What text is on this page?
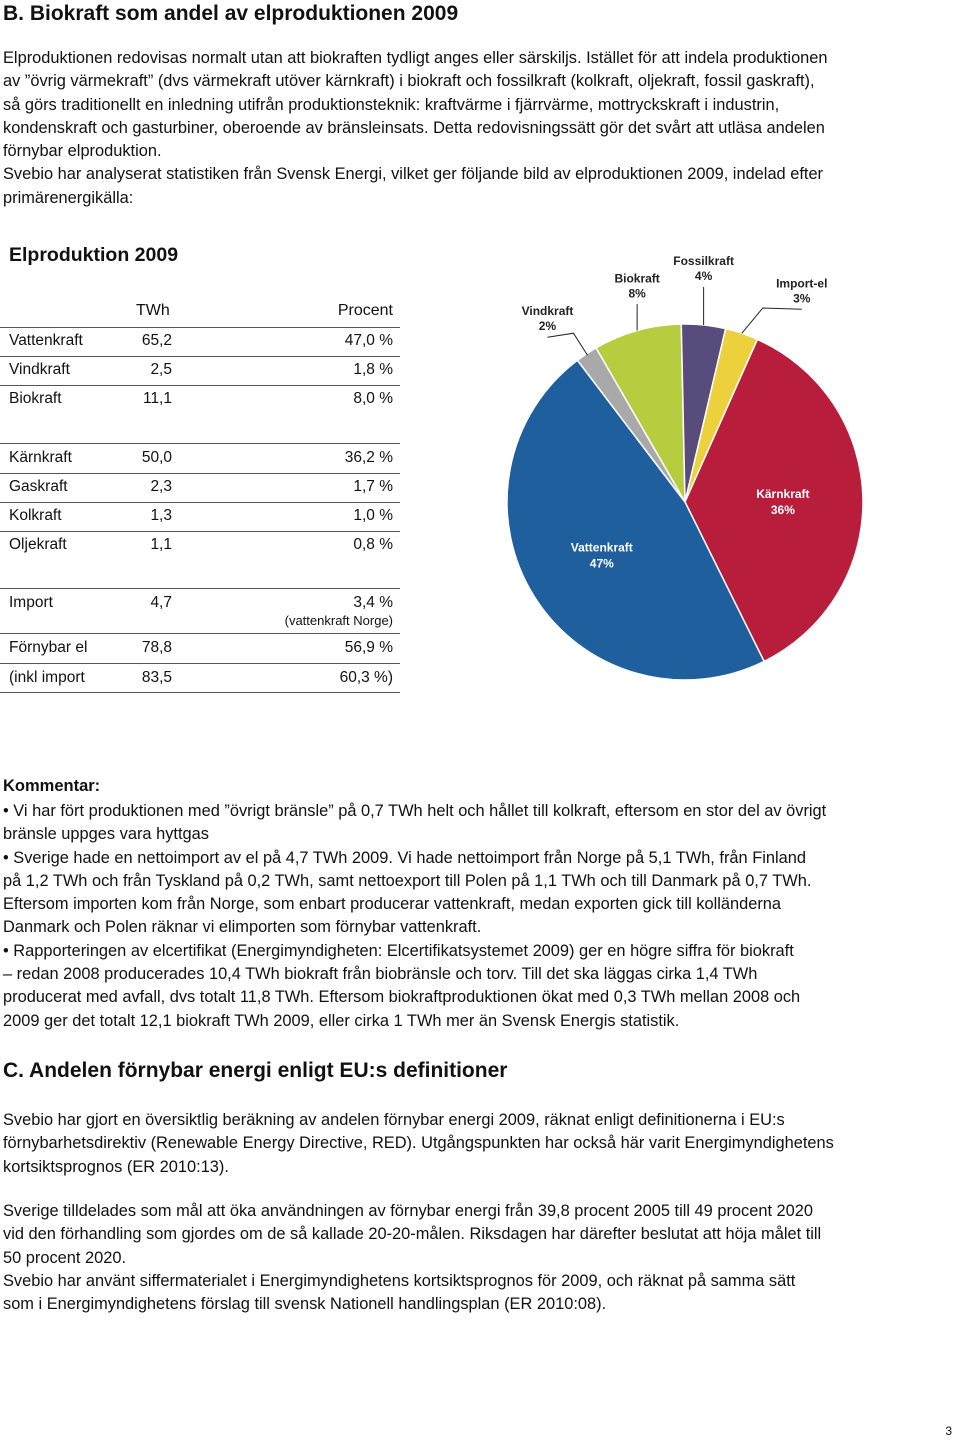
B. Biokraft som andel av elproduktionen 2009

Elproduktionen redovisas normalt utan att biokraften tydligt anges eller särskiljs. Istället för att indela produktionen
av ”övrig värmekraft” (dvs värmekraft utöver kärnkraft) i biokraft och fossilkraft (kolkraft, oljekraft, fossil gaskraft),
så görs traditionellt en inledning utifrån produktionsteknik: kraftvärme i fjärrvärme, mottryckskraft i industrin,
kondenskraft och gasturbiner, oberoende av bränsleinsats. Detta redovisningssätt gör det svårt att utläsa andelen
förnybar elproduktion.
Svebio har analyserat statistiken från Svensk Energi, vilket ger följande bild av elproduktionen 2009, indelad efter
primärenergikälla:

Elproduktion 2009
TWh	Procent
Vattenkraft	65,2	47,0 %
Vindkraft	2,5	1,8 %
Biokraft	11,1	8,0 %
Kärnkraft	50,0	36,2 %
Gaskraft	2,3	1,7 %
Kolkraft	1,3	1,0 %
Oljekraft	1,1	0,8 %
Import	4,7	3,4 %
(vattenkraft Norge)
Förnybar el	78,8	56,9 %
(inkl import	83,5	60,3 %)
Kärnkraft
36%
Vattenkraft
47%
Vindkraft
2%
Biokraft
8%
Fossilkraft
4%
Import-el
3%
Kommentar:

• Vi har fört produktionen med ”övrigt bränsle” på 0,7 TWh helt och hållet till kolkraft, eftersom en stor del av övrigt
bränsle uppges vara hyttgas
• Sverige hade en nettoimport av el på 4,7 TWh 2009. Vi hade nettoimport från Norge på 5,1 TWh, från Finland
på 1,2 TWh och från Tyskland på 0,2 TWh, samt nettoexport till Polen på 1,1 TWh och till Danmark på 0,7 TWh.
Eftersom importen kom från Norge, som enbart producerar vattenkraft, medan exporten gick till kolländerna
Danmark och Polen räknar vi elimporten som förnybar vattenkraft.
• Rapporteringen av elcertifikat (Energimyndigheten: Elcertifikatsystemet 2009) ger en högre siffra för biokraft
– redan 2008 producerades 10,4 TWh biokraft från biobränsle och torv. Till det ska läggas cirka 1,4 TWh
producerat med avfall, dvs totalt 11,8 TWh. Eftersom biokraftproduktionen ökat med 0,3 TWh mellan 2008 och
2009 ger det totalt 12,1 biokraft TWh 2009, eller cirka 1 TWh mer än Svensk Energis statistik.

C. Andelen förnybar energi enligt EU:s definitioner

Svebio har gjort en översiktlig beräkning av andelen förnybar energi 2009, räknat enligt definitionerna i EU:s
förnybarhetsdirektiv (Renewable Energy Directive, RED). Utgångspunkten har också här varit Energimyndighetens
kortsiktsprognos (ER 2010:13).

Sverige tilldelades som mål att öka användningen av förnybar energi från 39,8 procent 2005 till 49 procent 2020
vid den förhandling som gjordes om de så kallade 20-20-målen. Riksdagen har därefter beslutat att höja målet till
50 procent 2020.
Svebio har använt siffermaterialet i Energimyndighetens kortsiktsprognos för 2009, och räknat på samma sätt
som i Energimyndighetens förslag till svensk Nationell handlingsplan (ER 2010:08).

3
